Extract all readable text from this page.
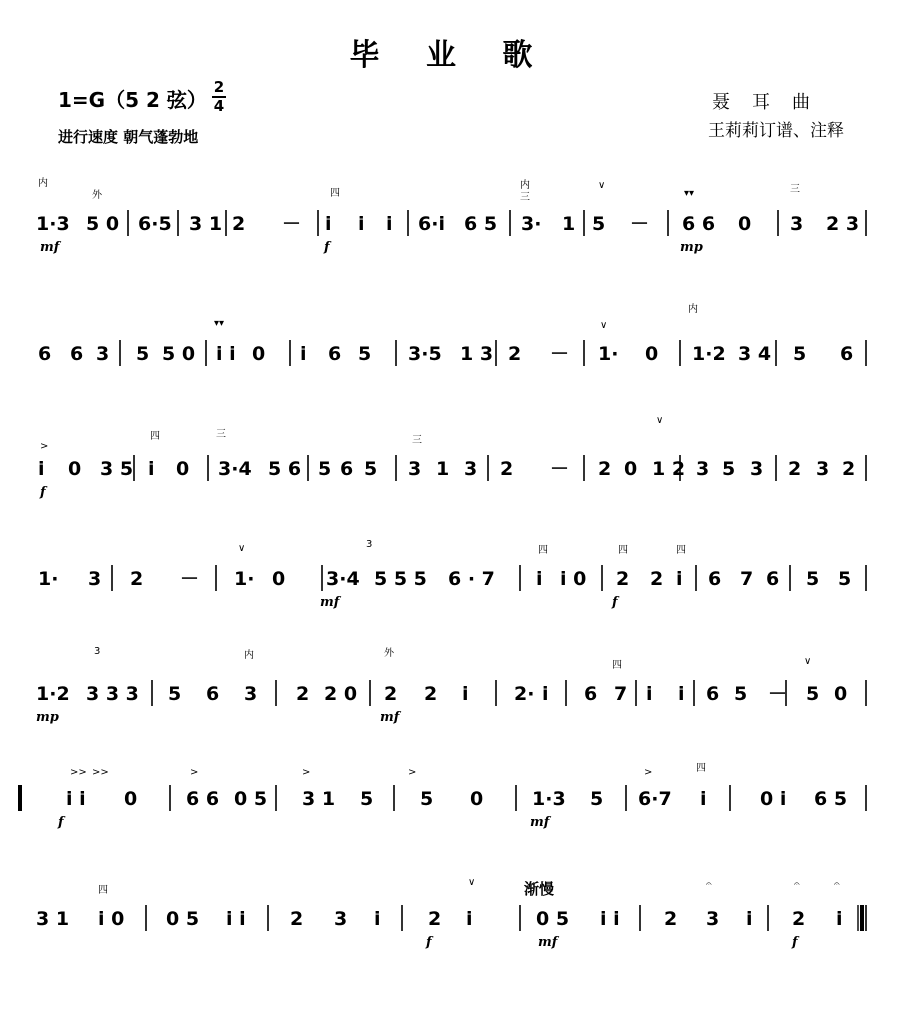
毕 业 歌
1=G（5 2 弦）
2
4
进行速度 朝气蓬勃地
聂耳曲
王莉莉订谱、注释
渐慢
1·3 5 0 6·5 3 1 2 － i i i 6·i 6 5 3· 1 5 － 6 6 0 3 2 3
mf	f	mp
内
外	四
内
三
∨
▾▾	三
6 6 3 5 5 0 i i 0 i 6 5 3·5 1 3 2 － 1· 0 1·2 3 4 5 6
▾▾	∨
内
i 0 3 5 i 0 3·4 5 6 5 6 5 3 1 3 2 － 2 0 1 2 3 5 3 2 3 2
f
>
四	三
三
∨
1· 3 2 － 1· 0 3·4 5 5 5 6 · 7 i i 0 2 2 i 6 7 6 5 5
mf	f
∨	3
四	四	四
1·2 3 3 3 5 6 3 2 2 0 2 2 i 2· i 6 7 i i 6 5 － 5 0
mp	mf
3	内	外
四	∨
i i 0	6 6 0 5 3 1 5 5 0	1·3 5 6·7 i	0 i 6 5
f	mf
>> >>	>	>	>	>	四
3 1 i 0 0 5 i i 2 3 i 2 i	0 5 i i 2 3 i 2 i
f	mf	f
四
∨	𝄐	𝄐	𝄐
